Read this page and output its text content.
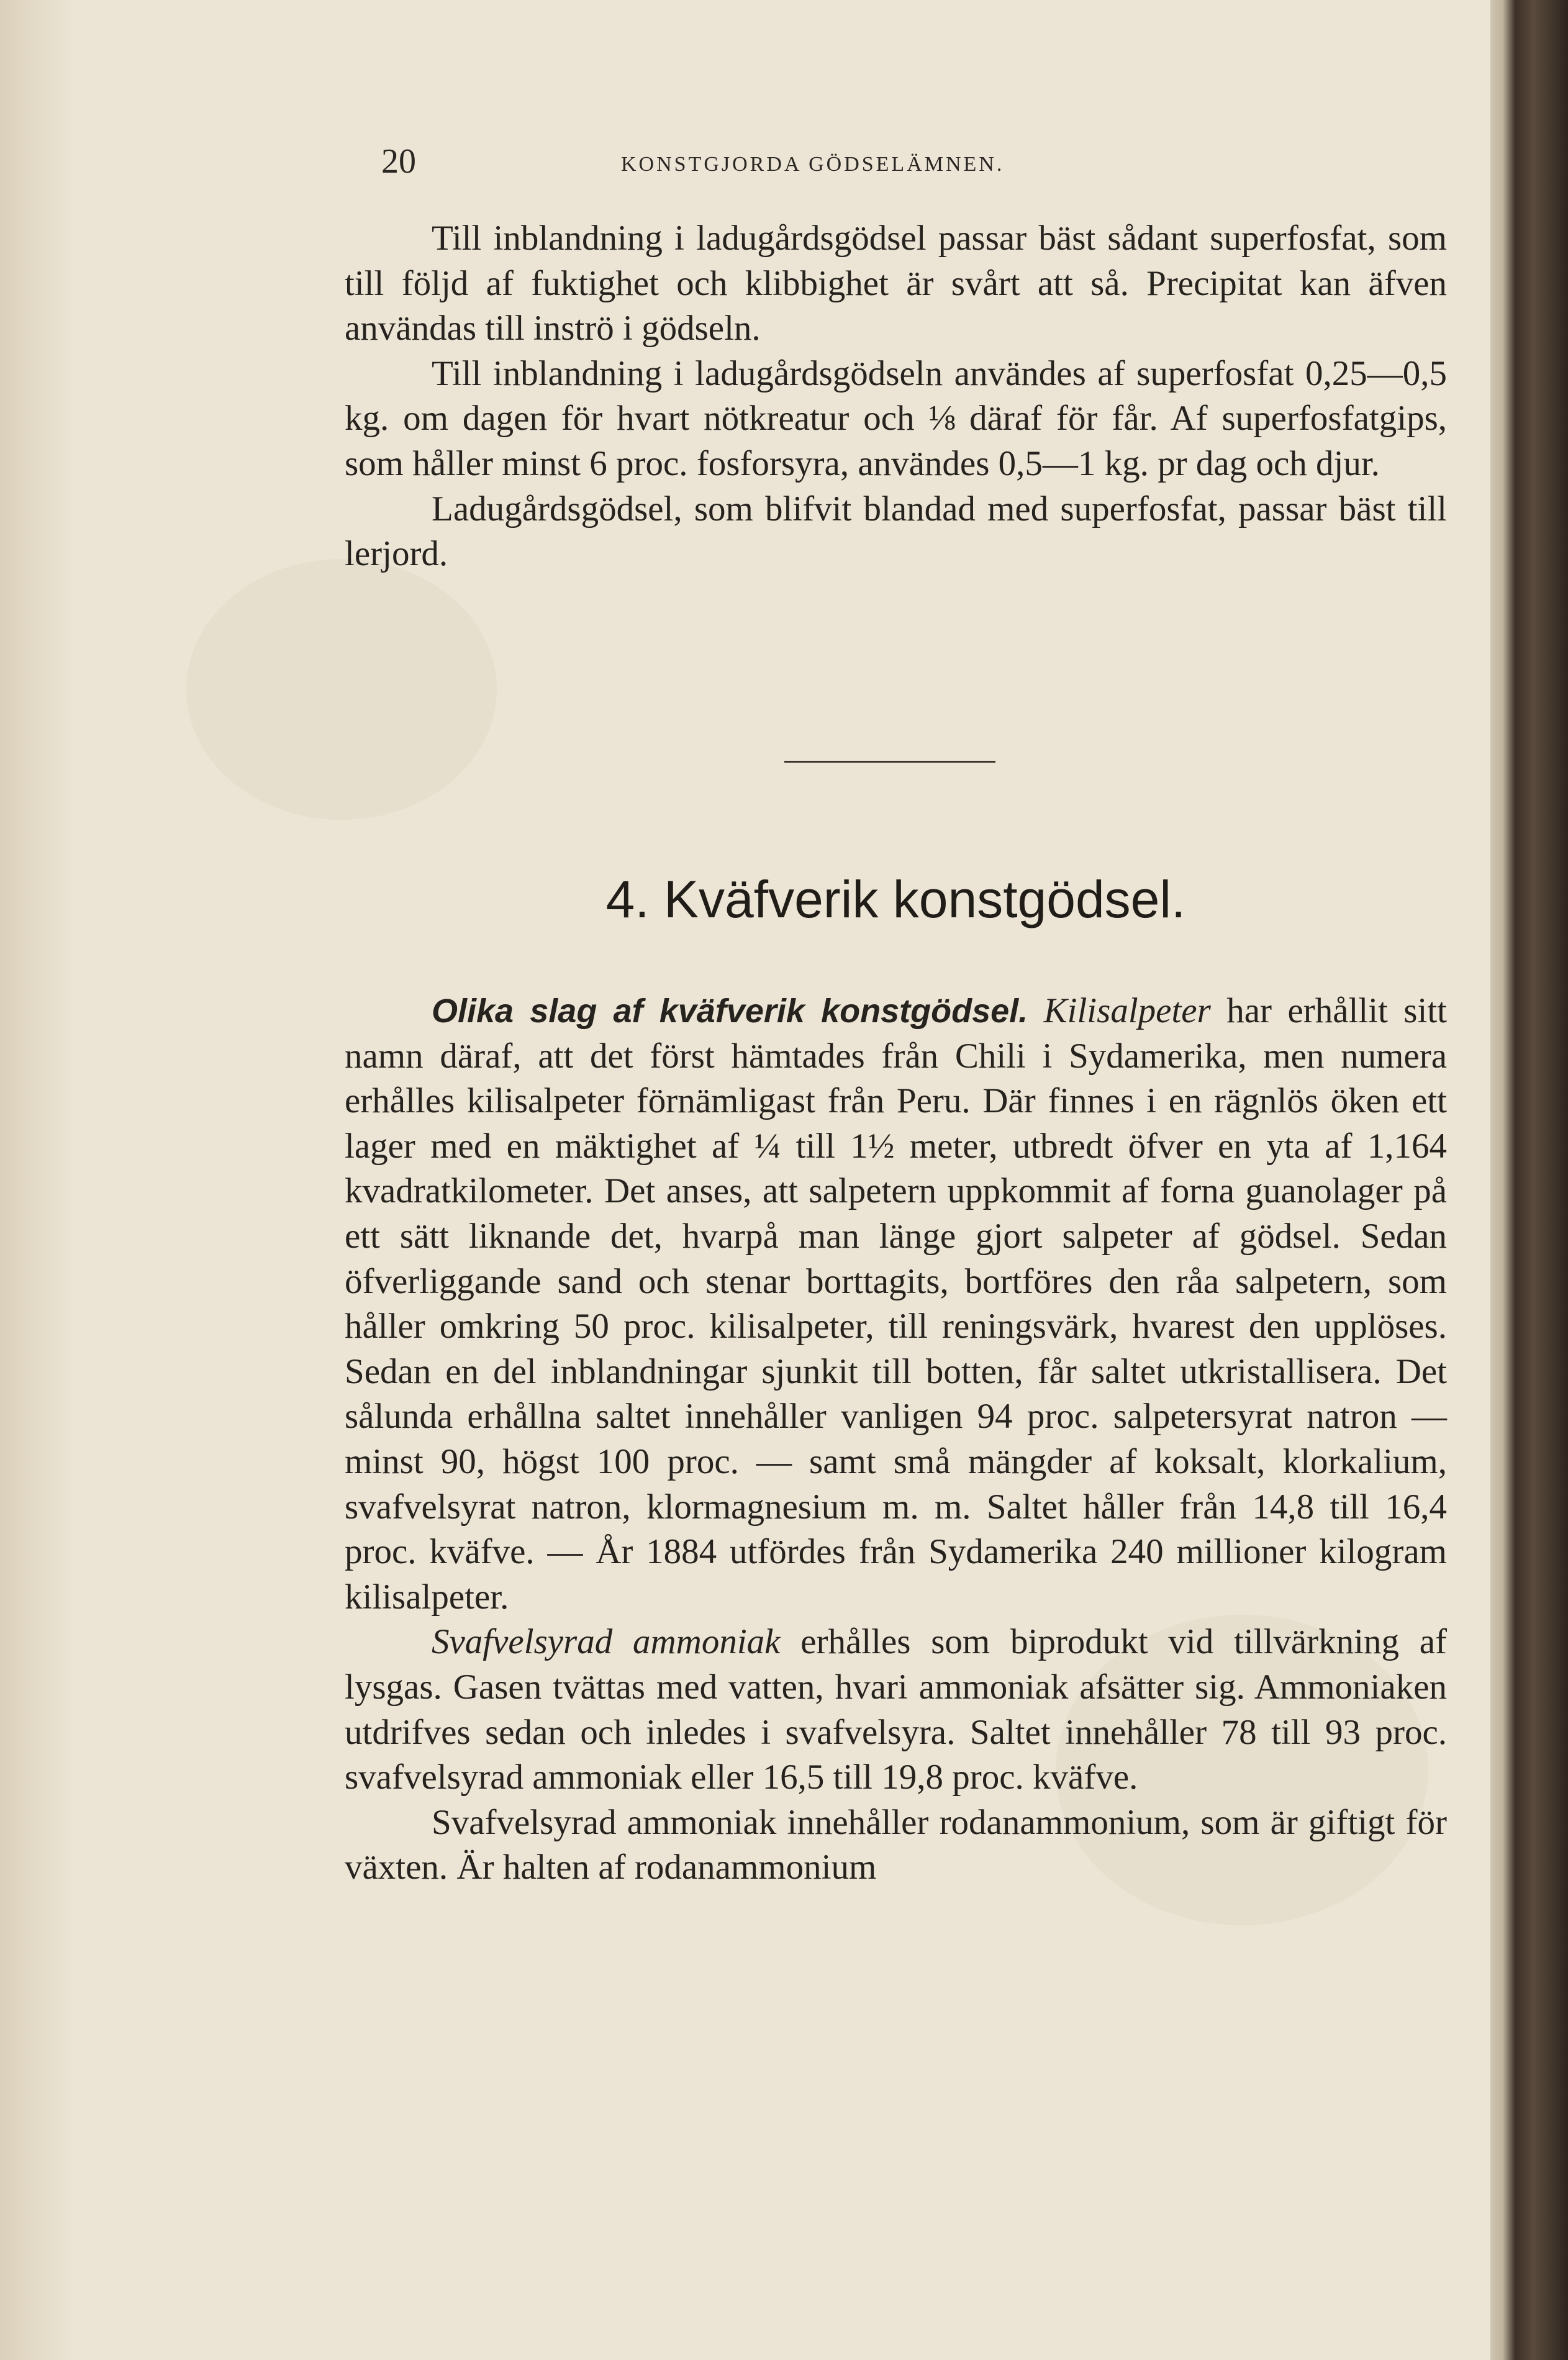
20	KONSTGJORDA GÖDSELÄMNEN.

Till inblandning i ladugårdsgödsel passar bäst sådant superfosfat, som till följd af fuktighet och klibbighet är svårt att så. Precipitat kan äfven användas till inströ i gödseln.

Till inblandning i ladugårdsgödseln användes af superfosfat 0,25—0,5 kg. om dagen för hvart nötkreatur och ⅛ däraf för får. Af superfosfatgips, som håller minst 6 proc. fosforsyra, användes 0,5—1 kg. pr dag och djur.

Ladugårdsgödsel, som blifvit blandad med superfosfat, passar bäst till lerjord.

4. Kväfverik konstgödsel.

Olika slag af kväfverik konstgödsel. Kilisalpeter har erhållit sitt namn däraf, att det först hämtades från Chili i Sydamerika, men numera erhålles kilisalpeter förnämligast från Peru. Där finnes i en rägnlös öken ett lager med en mäktighet af ¼ till 1½ meter, utbredt öfver en yta af 1,164 kvadratkilometer. Det anses, att salpetern uppkommit af forna guanolager på ett sätt liknande det, hvarpå man länge gjort salpeter af gödsel. Sedan öfverliggande sand och stenar borttagits, bortföres den råa salpetern, som håller omkring 50 proc. kilisalpeter, till reningsvärk, hvarest den upplöses. Sedan en del inblandningar sjunkit till botten, får saltet utkristallisera. Det sålunda erhållna saltet innehåller vanligen 94 proc. salpetersyrat natron — minst 90, högst 100 proc. — samt små mängder af koksalt, klorkalium, svafvelsyrat natron, klormagnesium m. m. Saltet håller från 14,8 till 16,4 proc. kväfve. — År 1884 utfördes från Sydamerika 240 millioner kilogram kilisalpeter.

Svafvelsyrad ammoniak erhålles som biprodukt vid tillvärkning af lysgas. Gasen tvättas med vatten, hvari ammoniak afsätter sig. Ammoniaken utdrifves sedan och inledes i svafvelsyra. Saltet innehåller 78 till 93 proc. svafvelsyrad ammoniak eller 16,5 till 19,8 proc. kväfve.

Svafvelsyrad ammoniak innehåller rodanammonium, som är giftigt för växten. Är halten af rodanammonium
